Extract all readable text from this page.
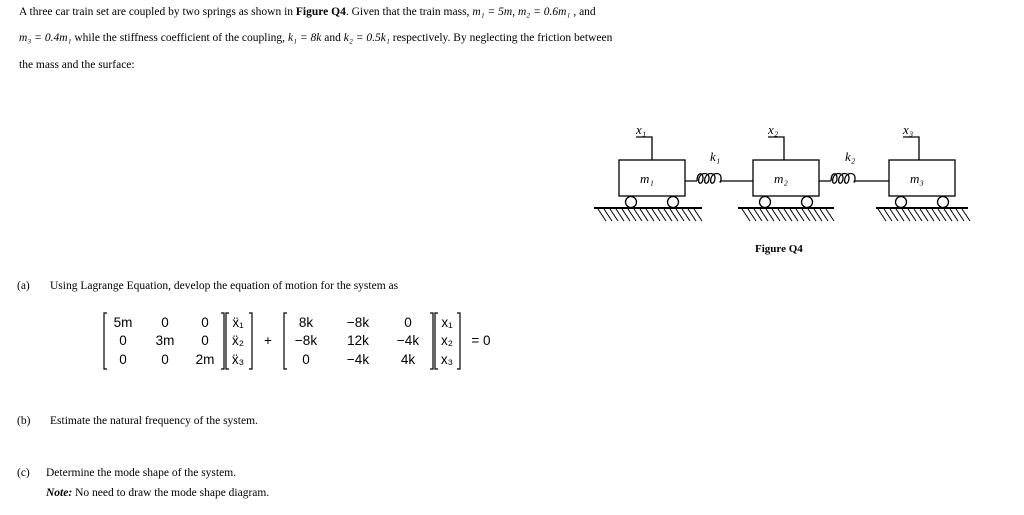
A three car train set are coupled by two springs as shown in Figure Q4. Given that the train mass, m₁ = 5m, m₂ = 0.6m₁ , and
m₃ = 0.4m₁ while the stiffness coefficient of the coupling, k₁ = 8k and k₂ = 0.5k₁ respectively. By neglecting the friction between
the mass and the surface:
x₁	x₂	x₃
k₁	k₂
m₁	m₂	m₃
Figure Q4
(a) Using Lagrange Equation, develop the equation of motion for the system as
5m 0 0
0 3m 0
0	0 2m
ẍ₁
ẍ₂
ẍ₃
+
8k	−8k	0
−8k 12k −4k
0	−4k 4k
x₁
x₂
x₃
= 0
(b) Estimate the natural frequency of the system.
(c) Determine the mode shape of the system.
Note: No need to draw the mode shape diagram.
